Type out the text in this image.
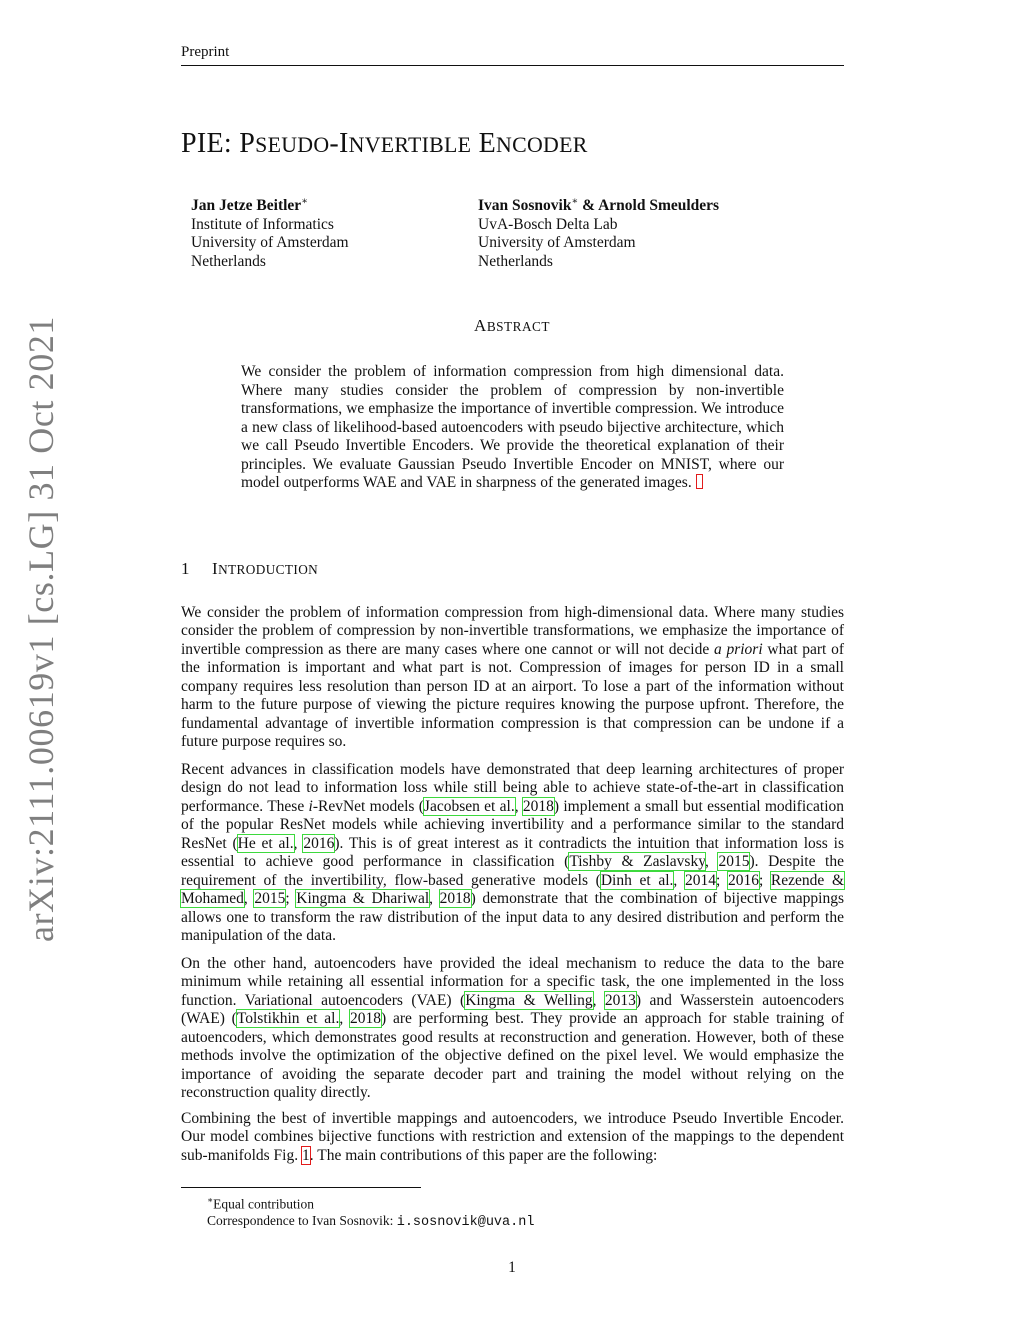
Preprint
arXiv:2111.00619v1 [cs.LG] 31 Oct 2021
PIE: PSEUDO-INVERTIBLE ENCODER
Jan Jetze Beitler∗
Institute of Informatics
University of Amsterdam
Netherlands
Ivan Sosnovik∗ & Arnold Smeulders
UvA-Bosch Delta Lab
University of Amsterdam
Netherlands
ABSTRACT

We consider the problem of information compression from high dimensional data. Where many studies consider the problem of compression by non-invertible transformations, we emphasize the importance of invertible compression. We introduce a new class of likelihood-based autoencoders with pseudo bijective architecture, which we call Pseudo Invertible Encoders. We provide the theoretical explanation of their principles. We evaluate Gaussian Pseudo Invertible Encoder on MNIST, where our model outperforms WAE and VAE in sharpness of the generated images.

1 INTRODUCTION

We consider the problem of information compression from high-dimensional data. Where many studies consider the problem of compression by non-invertible transformations, we emphasize the importance of invertible compression as there are many cases where one cannot or will not decide a priori what part of the information is important and what part is not. Compression of images for person ID in a small company requires less resolution than person ID at an airport. To lose a part of the information without harm to the future purpose of viewing the picture requires knowing the purpose upfront. Therefore, the fundamental advantage of invertible information compression is that compression can be undone if a future purpose requires so.

Recent advances in classification models have demonstrated that deep learning architectures of proper design do not lead to information loss while still being able to achieve state-of-the-art in classification performance. These i-RevNet models (Jacobsen et al., 2018) implement a small but essential modification of the popular ResNet models while achieving invertibility and a performance similar to the standard ResNet (He et al., 2016). This is of great interest as it contradicts the intuition that information loss is essential to achieve good performance in classification (Tishby & Zaslavsky, 2015). Despite the requirement of the invertibility, flow-based generative models (Dinh et al., 2014; 2016; Rezende & Mohamed, 2015; Kingma & Dhariwal, 2018) demonstrate that the combination of bijective mappings allows one to transform the raw distribution of the input data to any desired distribution and perform the manipulation of the data.

On the other hand, autoencoders have provided the ideal mechanism to reduce the data to the bare minimum while retaining all essential information for a specific task, the one implemented in the loss function. Variational autoencoders (VAE) (Kingma & Welling, 2013) and Wasserstein autoencoders (WAE) (Tolstikhin et al., 2018) are performing best. They provide an approach for stable training of autoencoders, which demonstrates good results at reconstruction and generation. However, both of these methods involve the optimization of the objective defined on the pixel level. We would emphasize the importance of avoiding the separate decoder part and training the model without relying on the reconstruction quality directly.

Combining the best of invertible mappings and autoencoders, we introduce Pseudo Invertible Encoder. Our model combines bijective functions with restriction and extension of the mappings to the dependent sub-manifolds Fig. 1. The main contributions of this paper are the following:

∗Equal contribution
Correspondence to Ivan Sosnovik: i.sosnovik@uva.nl
1
